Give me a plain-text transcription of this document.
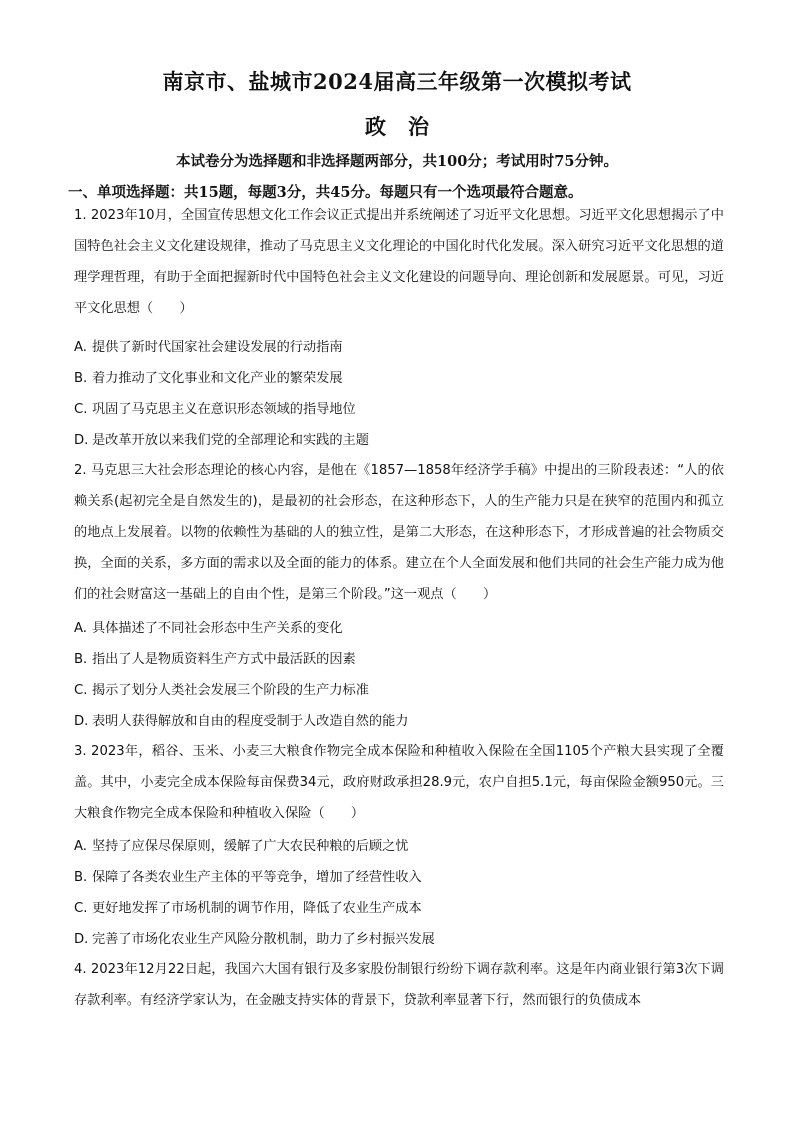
南京市、盐城市2024届高三年级第一次模拟考试
政治
本试卷分为选择题和非选择题两部分，共100分；考试用时75分钟。
一、单项选择题：共15题，每题3分，共45分。每题只有一个选项最符合题意。
1. 2023年10月，全国宣传思想文化工作会议正式提出并系统阐述了习近平文化思想。习近平文化思想揭示了中国特色社会主义文化建设规律，推动了马克思主义文化理论的中国化时代化发展。深入研究习近平文化思想的道理学理哲理，有助于全面把握新时代中国特色社会主义文化建设的问题导向、理论创新和发展愿景。可见，习近平文化思想（　　）
A. 提供了新时代国家社会建设发展的行动指南
B. 着力推动了文化事业和文化产业的繁荣发展
C. 巩固了马克思主义在意识形态领域的指导地位
D. 是改革开放以来我们党的全部理论和实践的主题
2. 马克思三大社会形态理论的核心内容，是他在《1857—1858年经济学手稿》中提出的三阶段表述：“人的依赖关系(起初完全是自然发生的)，是最初的社会形态，在这种形态下，人的生产能力只是在狭窄的范围内和孤立的地点上发展着。以物的依赖性为基础的人的独立性，是第二大形态，在这种形态下，才形成普遍的社会物质交换，全面的关系，多方面的需求以及全面的能力的体系。建立在个人全面发展和他们共同的社会生产能力成为他们的社会财富这一基础上的自由个性，是第三个阶段。”这一观点（　　）
A. 具体描述了不同社会形态中生产关系的变化
B. 指出了人是物质资料生产方式中最活跃的因素
C. 揭示了划分人类社会发展三个阶段的生产力标准
D. 表明人获得解放和自由的程度受制于人改造自然的能力
3. 2023年，稻谷、玉米、小麦三大粮食作物完全成本保险和种植收入保险在全国1105个产粮大县实现了全覆盖。其中，小麦完全成本保险每亩保费34元，政府财政承担28.9元，农户自担5.1元，每亩保险金额950元。三大粮食作物完全成本保险和种植收入保险（　　）
A. 坚持了应保尽保原则，缓解了广大农民种粮的后顾之忧
B. 保障了各类农业生产主体的平等竞争，增加了经营性收入
C. 更好地发挥了市场机制的调节作用，降低了农业生产成本
D. 完善了市场化农业生产风险分散机制，助力了乡村振兴发展
4. 2023年12月22日起，我国六大国有银行及多家股份制银行纷纷下调存款利率。这是年内商业银行第3次下调存款利率。有经济学家认为，在金融支持实体的背景下，贷款利率显著下行，然而银行的负债成本
